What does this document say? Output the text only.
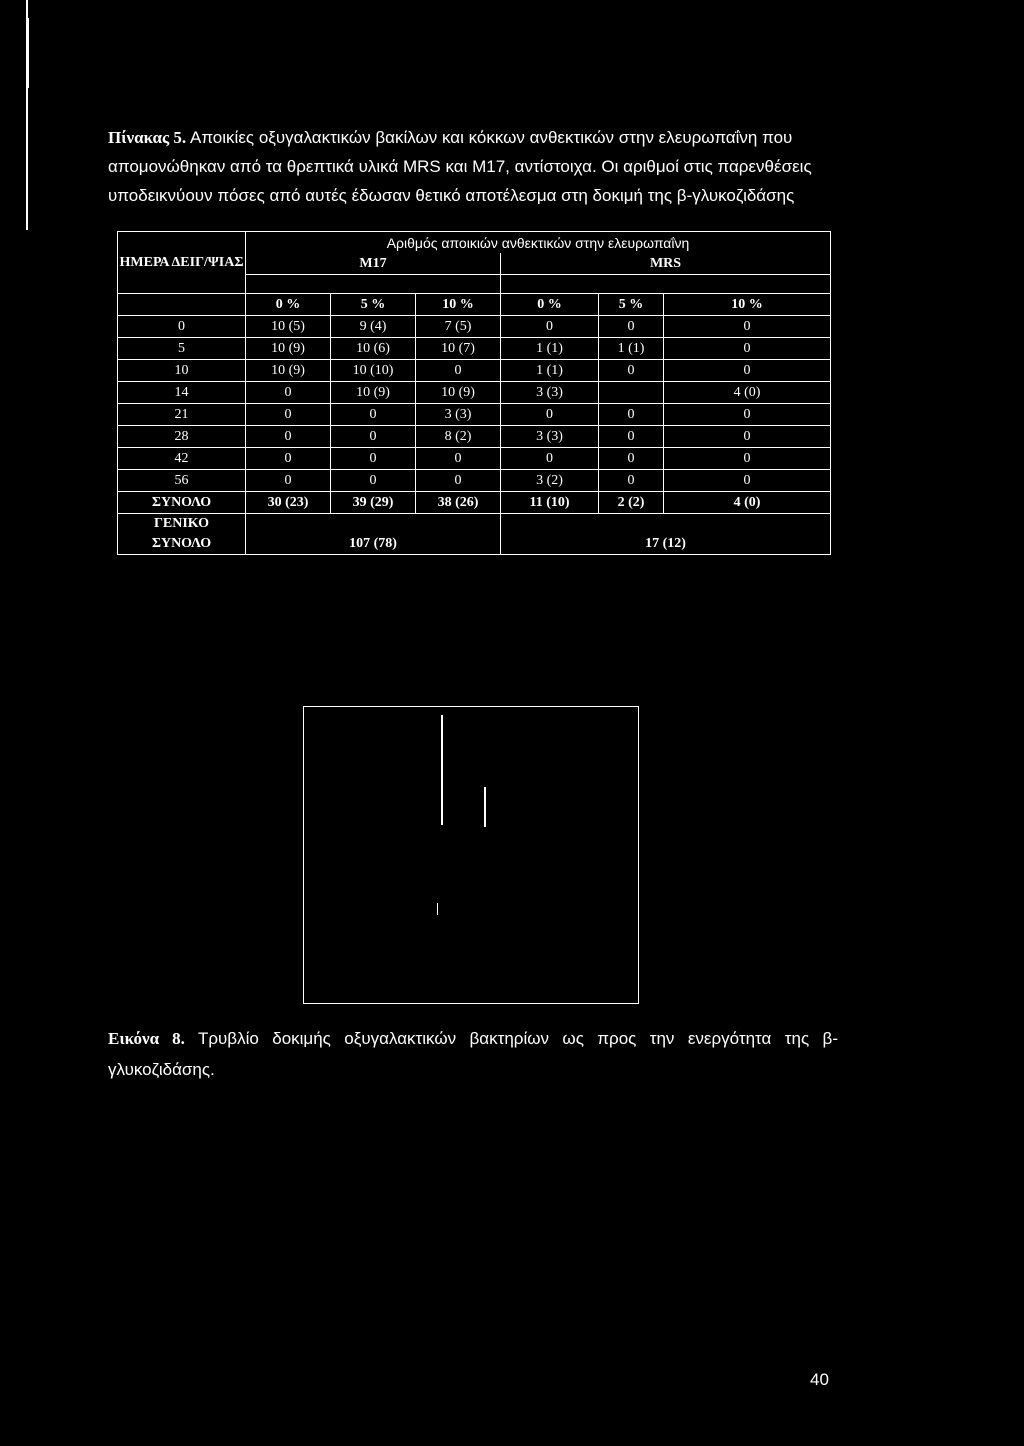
Πίνακας 5. Αποικίες οξυγαλακτικών βακίλων και κόκκων ανθεκτικών στην ελευρωπαΐνη που απομονώθηκαν από τα θρεπτικά υλικά MRS και M17, αντίστοιχα. Οι αριθμοί στις παρενθέσεις υποδεικνύουν πόσες από αυτές έδωσαν θετικό αποτέλεσμα στη δοκιμή της β-γλυκοζιδάσης
ΗΜΕΡΑ ΔΕΙΓ/ΨΙΑΣ	Αριθμός αποικιών ανθεκτικών στην ελευρωπαΐνη					
	M17			MRS		

	0 %	5 %	10 %	0 %	5 %	10 %
0	10 (5)	9 (4)	7 (5)	0	0	0
5	10 (9)	10 (6)	10 (7)	1 (1)	1 (1)	0
10	10 (9)	10 (10)	0	1 (1)	0	0
14	0	10 (9)	10 (9)	3 (3)		4 (0)
21	0	0	3 (3)	0	0	0
28	0	0	8 (2)	3 (3)	0	0
42	0	0	0	0	0	0
56	0	0	0	3 (2)	0	0
ΣΥΝΟΛΟ	30 (23)	39 (29)	38 (26)	11 (10)	2 (2)	4 (0)
ΓΕΝΙΚΟ
ΣΥΝΟΛΟ	107 (78)			17 (12)		
Εικόνα 8. Τρυβλίο δοκιμής οξυγαλακτικών βακτηρίων ως προς την ενεργότητα της β-γλυκοζιδάσης.
40
